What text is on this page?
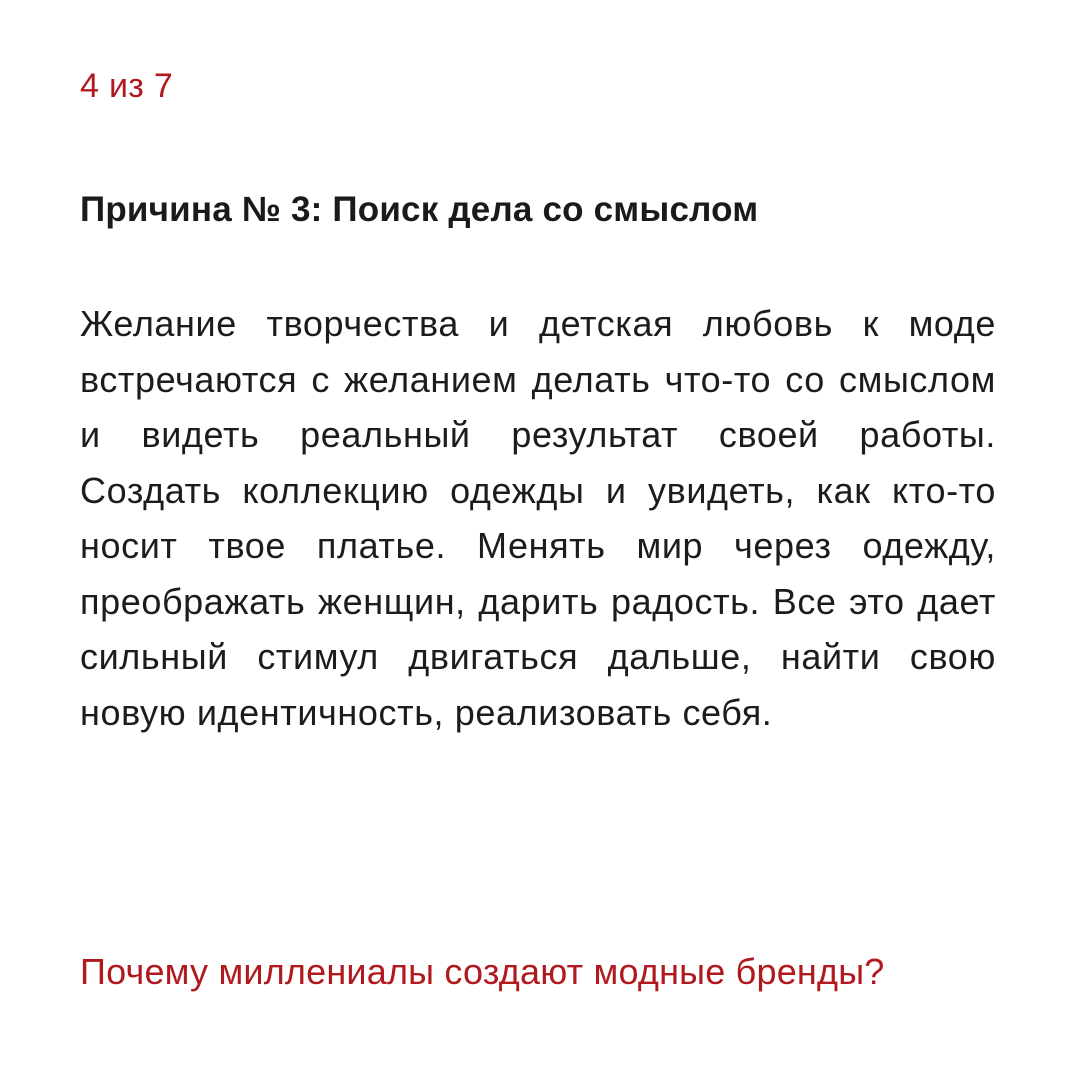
4 из 7
Причина № 3: Поиск дела со смыслом
Желание творчества и детская любовь к моде встречаются с желанием делать что-то со смыслом и видеть реальный результат своей работы. Создать коллекцию одежды и увидеть, как кто-то носит твое платье. Менять мир через одежду, преображать женщин, дарить радость. Все это дает сильный стимул двигаться дальше, найти свою новую идентичность, реализовать себя.
Почему миллениалы создают модные бренды?
